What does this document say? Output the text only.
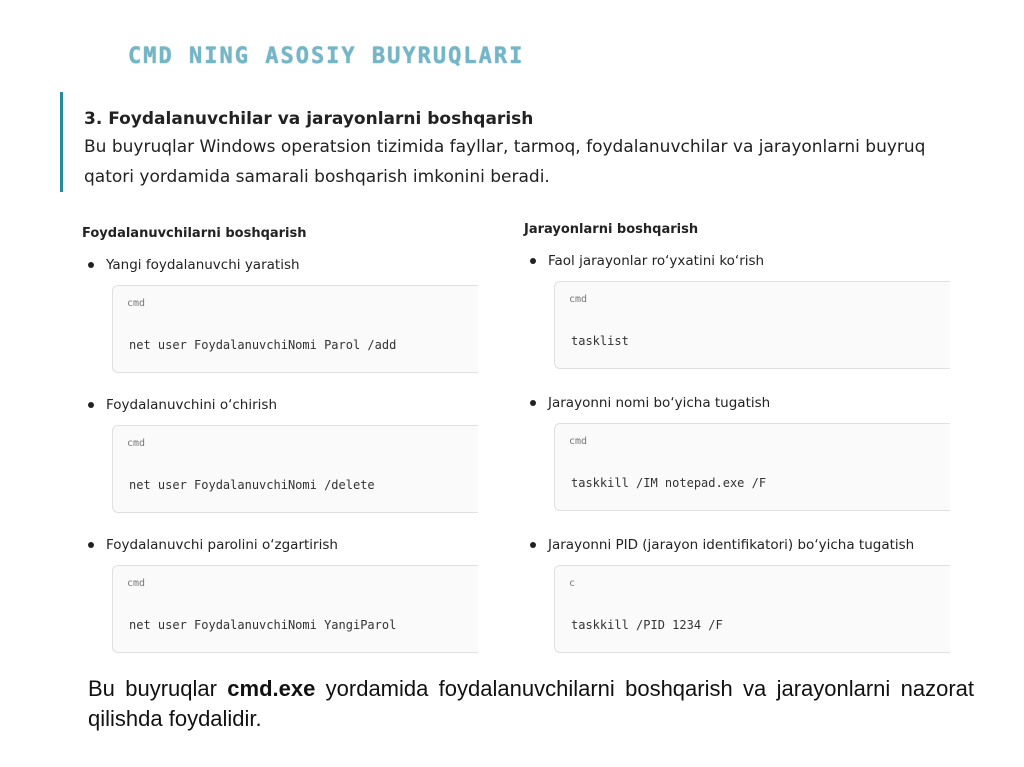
CMD NING ASOSIY BUYRUQLARI
3. Foydalanuvchilar va jarayonlarni boshqarish
Bu buyruqlar Windows operatsion tizimida fayllar, tarmoq, foydalanuvchilar va jarayonlarni buyruq qatori yordamida samarali boshqarish imkonini beradi.
Foydalanuvchilarni boshqarish
Yangi foydalanuvchi yaratish
cmd
net user FoydalanuvchiNomi Parol /add
Foydalanuvchini o‘chirish
cmd
net user FoydalanuvchiNomi /delete
Foydalanuvchi parolini o‘zgartirish
cmd
net user FoydalanuvchiNomi YangiParol
Jarayonlarni boshqarish
Faol jarayonlar ro‘yxatini ko‘rish
cmd
tasklist
Jarayonni nomi bo‘yicha tugatish
cmd
taskkill /IM notepad.exe /F
Jarayonni PID (jarayon identifikatori) bo‘yicha tugatish
c
taskkill /PID 1234 /F
Bu buyruqlar cmd.exe yordamida foydalanuvchilarni boshqarish va jarayonlarni nazorat qilishda foydalidir.
